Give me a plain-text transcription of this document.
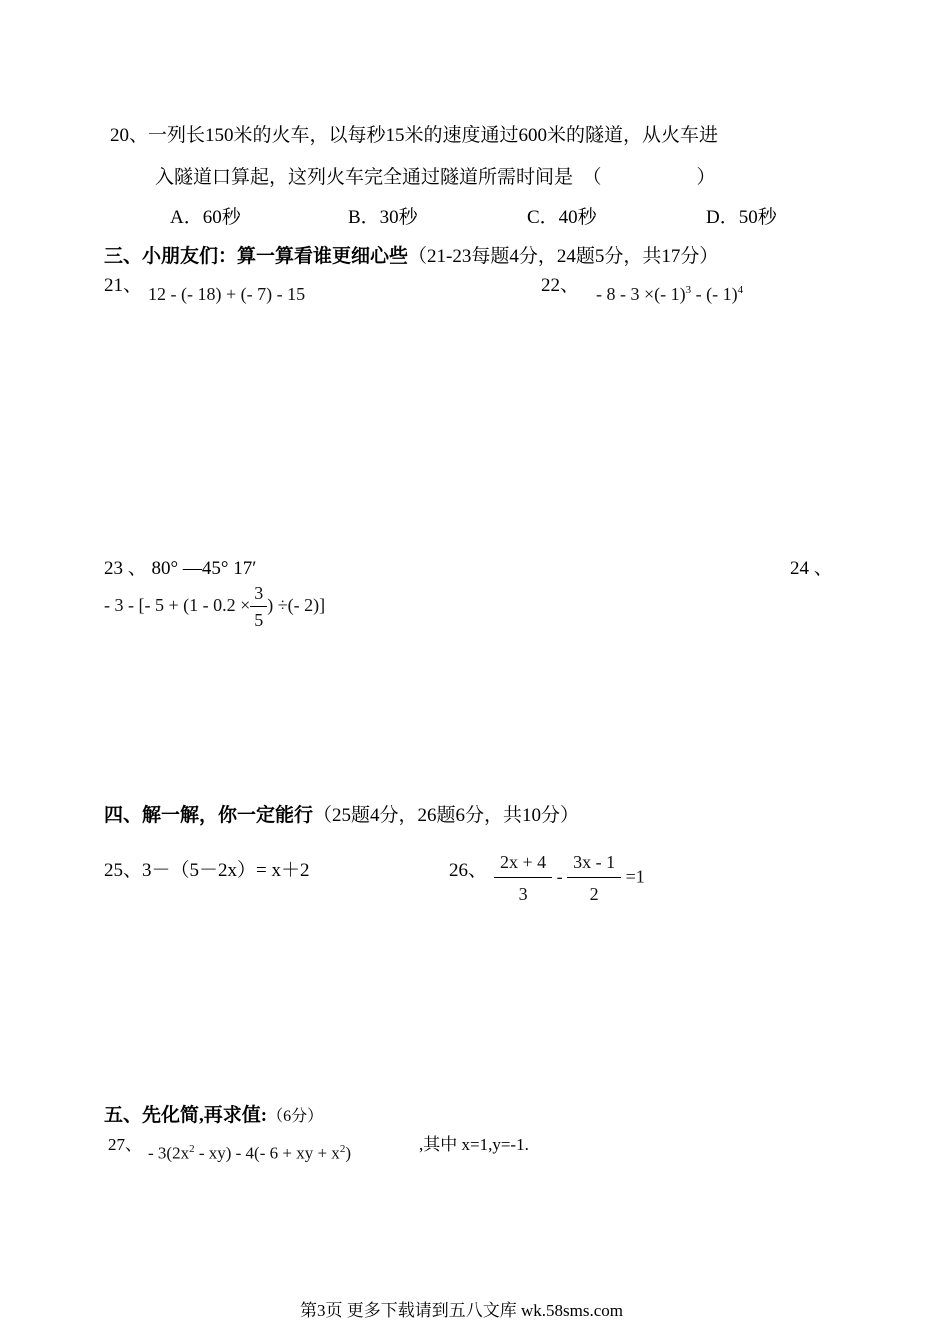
20、一列长150米的火车，以每秒15米的速度通过600米的隧道，从火车进
入隧道口算起，这列火车完全通过隧道所需时间是　（　　　　　）
A．60秒	B．30秒	C．40秒	D．50秒
三、小朋友们：算一算看谁更细心些（21-23每题4分，24题5分，共17分）
21、 12 - (- 18) + (- 7) - 15	22、 - 8 - 3 ×(- 1)$^3$ - (- 1)$^4$
23 、 80° —45° 17′	24 、
- 3 - [- $5 + (1 - 0.2 \times \frac{3}{5}$ ) ÷(- 2)]
四、解一解，你一定能行（25题4分，26题6分，共10分）
25、3－（5－2x）= x＋2	26、 $\frac{2x + 4}{3} - \frac{3x - 1}{2} =1$
五、先化简,再求值:（6分）
27、 - $3(2x^2 - xy) - 4(-$ 6 + xy + $x^2$)	,其中 x=1,y=-1.
第3页 更多下载请到五八文库 wk.58sms.com
